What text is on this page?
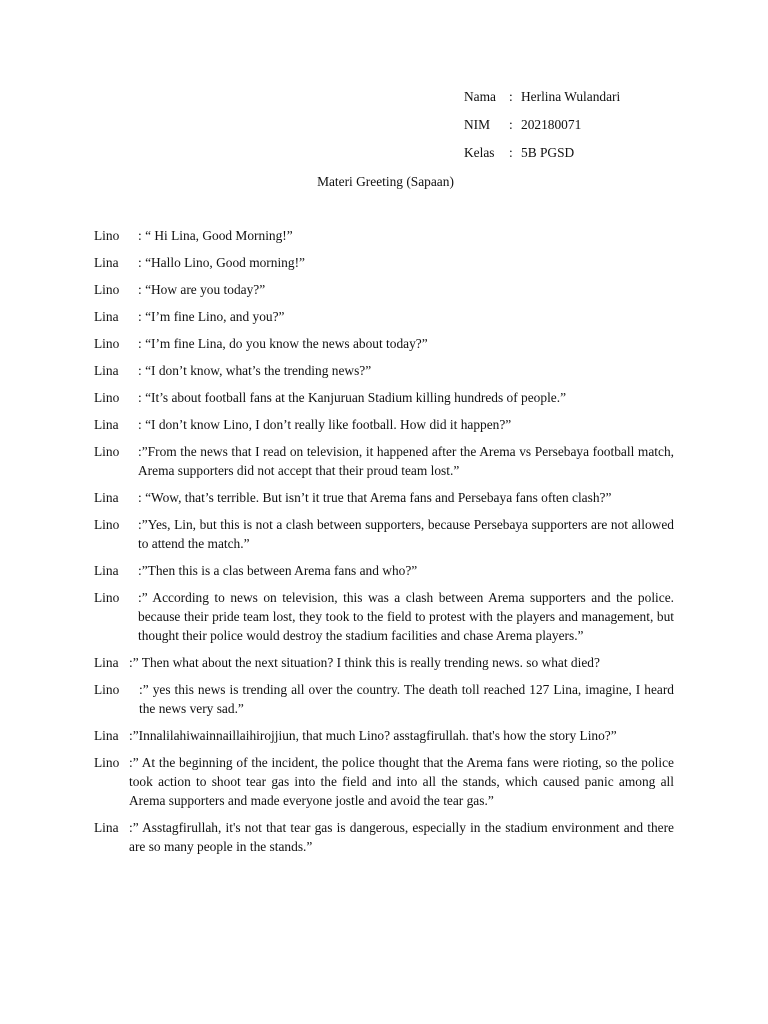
Nama : Herlina Wulandari
NIM	: 202180071
Kelas	: 5B PGSD
Materi Greeting (Sapaan)
Lino	: “ Hi Lina, Good Morning!”
Lina	: “Hallo Lino, Good morning!”
Lino	: “How are you today?”
Lina	: “I’m fine Lino, and you?”
Lino	: “I’m fine Lina, do you know the news about today?”
Lina	: “I don’t know, what’s the trending news?”
Lino	: “It’s about football fans at the Kanjuruan Stadium killing hundreds of people.”
Lina	: “I don’t know Lino, I don’t really like football. How did it happen?”
Lino	:”From the news that I read on television, it happened after the Arema vs Persebaya football match, Arema supporters did not accept that their proud team lost.”
Lina	: “Wow, that’s terrible. But isn’t it true that Arema fans and Persebaya fans often clash?”
Lino	:”Yes, Lin, but this is not a clash between supporters, because Persebaya supporters are not allowed to attend the match.”
Lina	:”Then this is a clas between Arema fans and who?”
Lino	:” According to news on television, this was a clash between Arema supporters and the police. because their pride team lost, they took to the field to protest with the players and management, but thought their police would destroy the stadium facilities and chase Arema players.”
Lina :” Then what about the next situation? I think this is really trending news. so what died?
Lino	:” yes this news is trending all over the country. The death toll reached 127 Lina, imagine, I heard the news very sad.”
Lina :”Innalilahiwainnaillaihirojjiun, that much Lino? asstagfirullah. that's how the story Lino?”
Lino :” At the beginning of the incident, the police thought that the Arema fans were rioting, so the police took action to shoot tear gas into the field and into all the stands, which caused panic among all Arema supporters and made everyone jostle and avoid the tear gas.”
Lina :” Asstagfirullah, it's not that tear gas is dangerous, especially in the stadium environment and there are so many people in the stands.”
